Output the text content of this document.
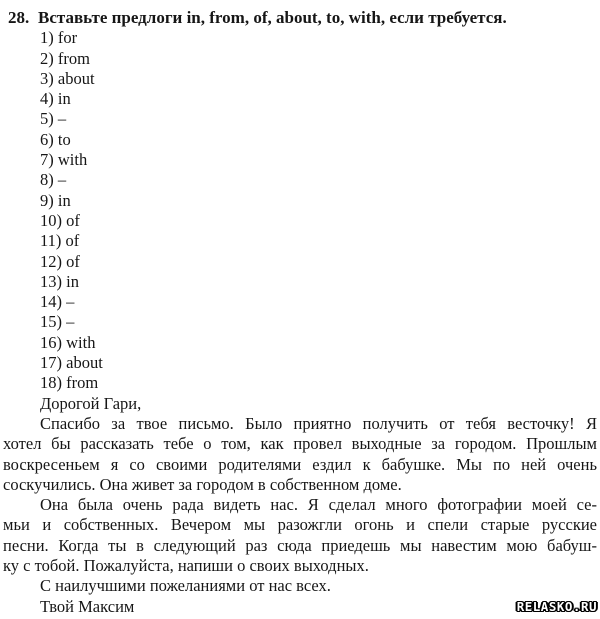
28. Вставьте предлоги in, from, of, about, to, with, если требуется.
1) for
2) from
3) about
4) in
5) –
6) to
7) with
8) –
9) in
10) of
11) of
12) of
13) in
14) –
15) –
16) with
17) about
18) from
Дорогой Гари,
Спасибо за твое письмо. Было приятно получить от тебя весточку! Я
хотел бы рассказать тебе о том, как провел выходные за городом. Прошлым
воскресеньем я со своими родителями ездил к бабушке. Мы по ней очень
соскучились. Она живет за городом в собственном доме.
Она была очень рада видеть нас. Я сделал много фотографии моей се-
мьи и собственных. Вечером мы разожгли огонь и спели старые русские
песни. Когда ты в следующий раз сюда приедешь мы навестим мою бабуш-
ку с тобой. Пожалуйста, напиши о своих выходных.
С наилучшими пожеланиями от нас всех.
Твой Максим	RELASKO.RU
